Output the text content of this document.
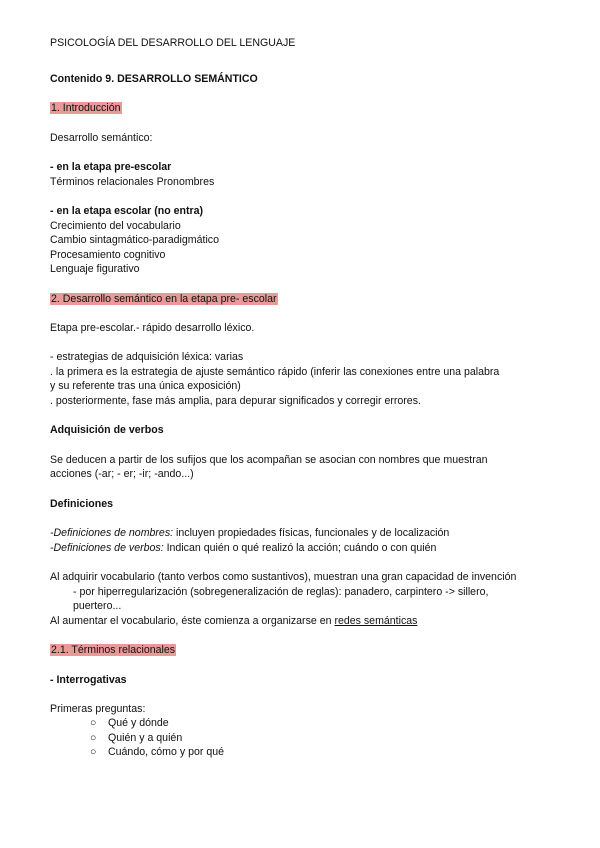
PSICOLOGÍA DEL DESARROLLO DEL LENGUAJE
Contenido 9. DESARROLLO SEMÁNTICO
1. Introducción
Desarrollo semántico:
- en la etapa pre-escolar
Términos relacionales Pronombres
- en la etapa escolar (no entra)
Crecimiento del vocabulario
Cambio sintagmático-paradigmático
Procesamiento cognitivo
Lenguaje figurativo
2. Desarrollo semántico en la etapa pre- escolar
Etapa pre-escolar.- rápido desarrollo léxico.
- estrategias de adquisición léxica: varias
. la primera es la estrategia de ajuste semántico rápido (inferir las conexiones entre una palabra
y su referente tras una única exposición)
. posteriormente, fase más amplia, para depurar significados y corregir errores.
Adquisición de verbos
Se deducen a partir de los sufijos que los acompañan se asocian con nombres que muestran
acciones (-ar; - er; -ir; -ando...)
Definiciones
-Definiciones de nombres: incluyen propiedades físicas, funcionales y de localización
-Definiciones de verbos: Indican quién o qué realizó la acción; cuándo o con quién
Al adquirir vocabulario (tanto verbos como sustantivos), muestran una gran capacidad de invención
- por hiperregularización (sobregeneralización de reglas): panadero, carpintero -> sillero,
puertero...
Al aumentar el vocabulario, éste comienza a organizarse en redes semánticas
2.1. Términos relacionales
- Interrogativas
Primeras preguntas:
○ Qué y dónde
○ Quién y a quién
○ Cuándo, cómo y por qué
